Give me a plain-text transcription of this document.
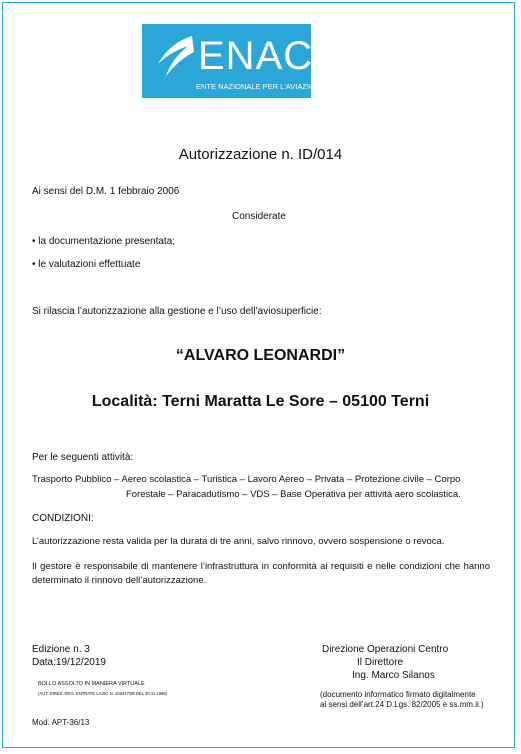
ENAC
ENTE NAZIONALE PER L'AVIAZIONE CIVILE
Autorizzazione n. ID/014
Ai sensi del D.M. 1 febbraio 2006
Considerate
• la documentazione presentata;
• le valutazioni effettuate
Si rilascia l’autorizzazione alla gestione e l’uso dell’aviosuperficie:
“ALVARO LEONARDI”
Località: Terni Maratta Le Sore – 05100 Terni
Per le seguenti attività:
Trasporto Pubblico – Aereo scolastica – Turistica – Lavoro Aereo – Privata – Protezione civile – Corpo
Forestale – Paracadutismo – VDS – Base Operativa per attività aero scolastica.
CONDIZIONI:
L’autorizzazione resta valida per la durata di tre anni, salvo rinnovo, ovvero sospensione o revoca.
Il gestore è responsabile di mantenere l’infrastruttura in conformità ai requisiti e nelle condizioni che hanno determinato il rinnovo dell’autorizzazione.
Edizione n. 3
Data:19/12/2019
BOLLO ASSOLTO IN MANIERA VIRTUALE
(AUT. DIREZ. REG. ENTRATE LAZIO N. 105347/98 DEL 30.11.1998)
Mod. APT-36/13
Direzione Operazioni Centro
Il Direttore
Ing. Marco Silanos
(documento informatico firmato digitalmente
ai sensi dell’art.24 D.Lgs. 82/2005 e ss.mm.ii.)
